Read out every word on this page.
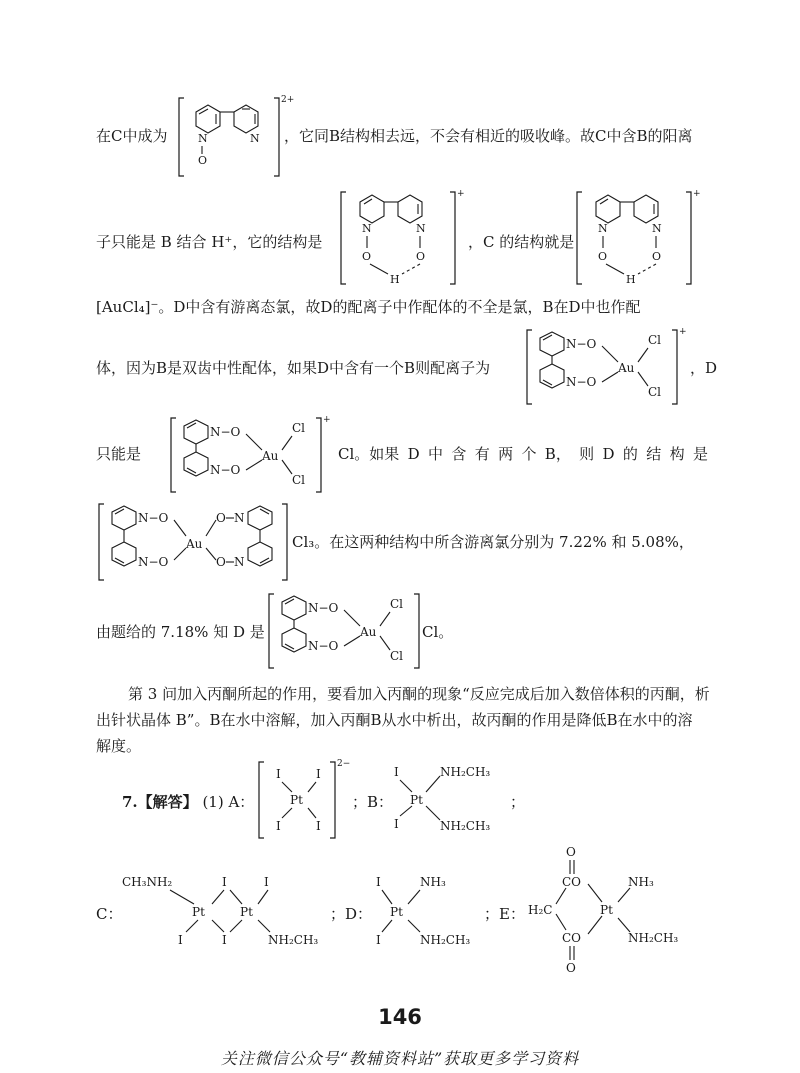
在C中成为	N
O
N
2+
，它同B结构相去远，不会有相近的吸收峰。故C中含B的阳离
子只能是 B 结合 H⁺，它的结构是
N	N
O	O
H
+
，C 的结构就是
N	N
O	O
H
+
[AuCl₄]⁻。D中含有游离态氯，故D的配离子中作配体的不全是氯，B在D中也作配
体，因为B是双齿中性配体，如果D中含有一个B则配离子为
N−O
N−O
Au
Cl
Cl
+
，D
N−O
N−O
Au
Cl
Cl
+
只能是	Cl。如果 D 中 含 有 两 个 B， 则 D 的 结 构 是
N−O
N−O
Au
O
O
N
N
Cl₃。在这两种结构中所含游离氯分别为 7.22% 和 5.08%，
由题给的 7.18% 知 D 是
N−O
N−O
Au
Cl
Cl
Cl。
第 3 问加入丙酮所起的作用，要看加入丙酮的现象“反应完成后加入数倍体积的丙酮，析
出针状晶体 B”。B在水中溶解，加入丙酮B从水中析出，故丙酮的作用是降低B在水中的溶
解度。
7.【解答】 (1) A：
I	I
I	I
Pt
2−
；B：
I
I
Pt
NH₂CH₃
NH₂CH₃
；
C：
CH₃NH₂
Pt
I
I
I
Pt
I
NH₂CH₃
；D：
I
I
Pt
NH₃
NH₂CH₃
；E：
O
CO
H₂C	Pt
CO
O
NH₃
NH₂CH₃
146
关注微信公众号“教辅资料站”获取更多学习资料
